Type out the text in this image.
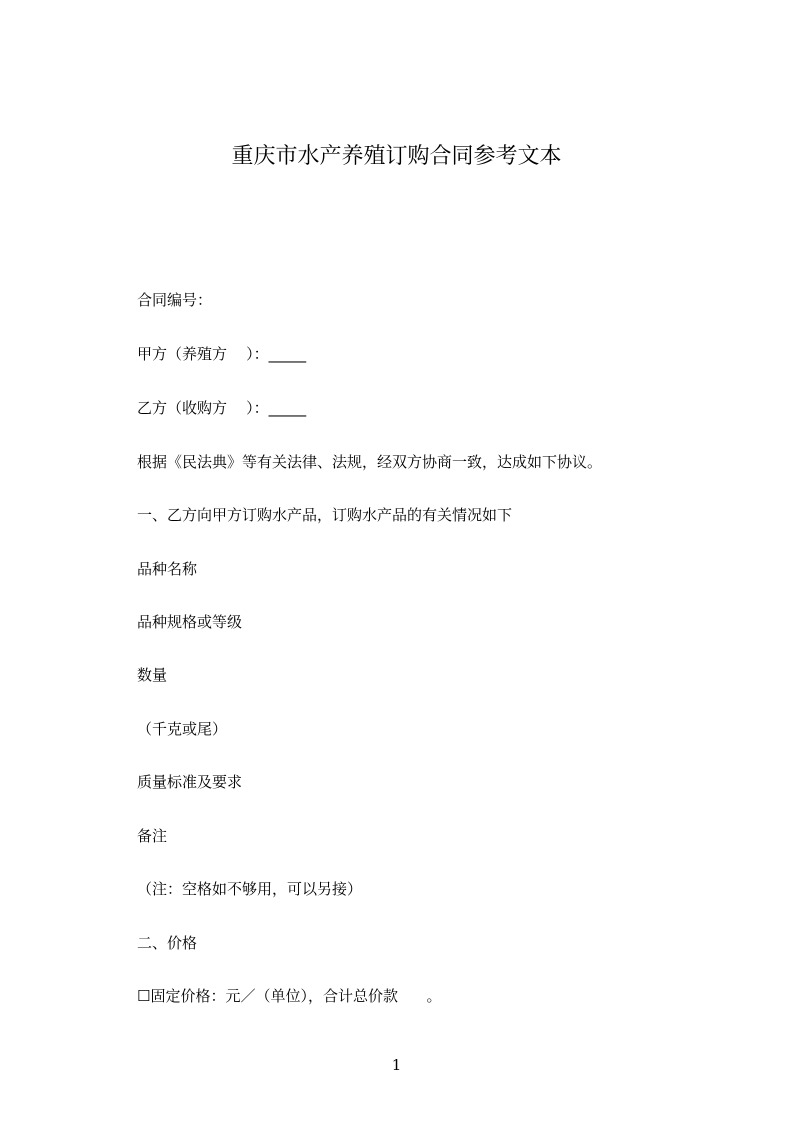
重庆市水产养殖订购合同参考文本
合同编号：
甲方（养殖方    ）：_____
乙方（收购方    ）：_____
根据《民法典》等有关法律、法规，经双方协商一致，达成如下协议。
一、乙方向甲方订购水产品，订购水产品的有关情况如下
品种名称
品种规格或等级
数量
（千克或尾）
质量标准及要求
备注
（注：空格如不够用，可以另接）
二、价格
☐固定价格：元／（单位），合计总价款      。
1
